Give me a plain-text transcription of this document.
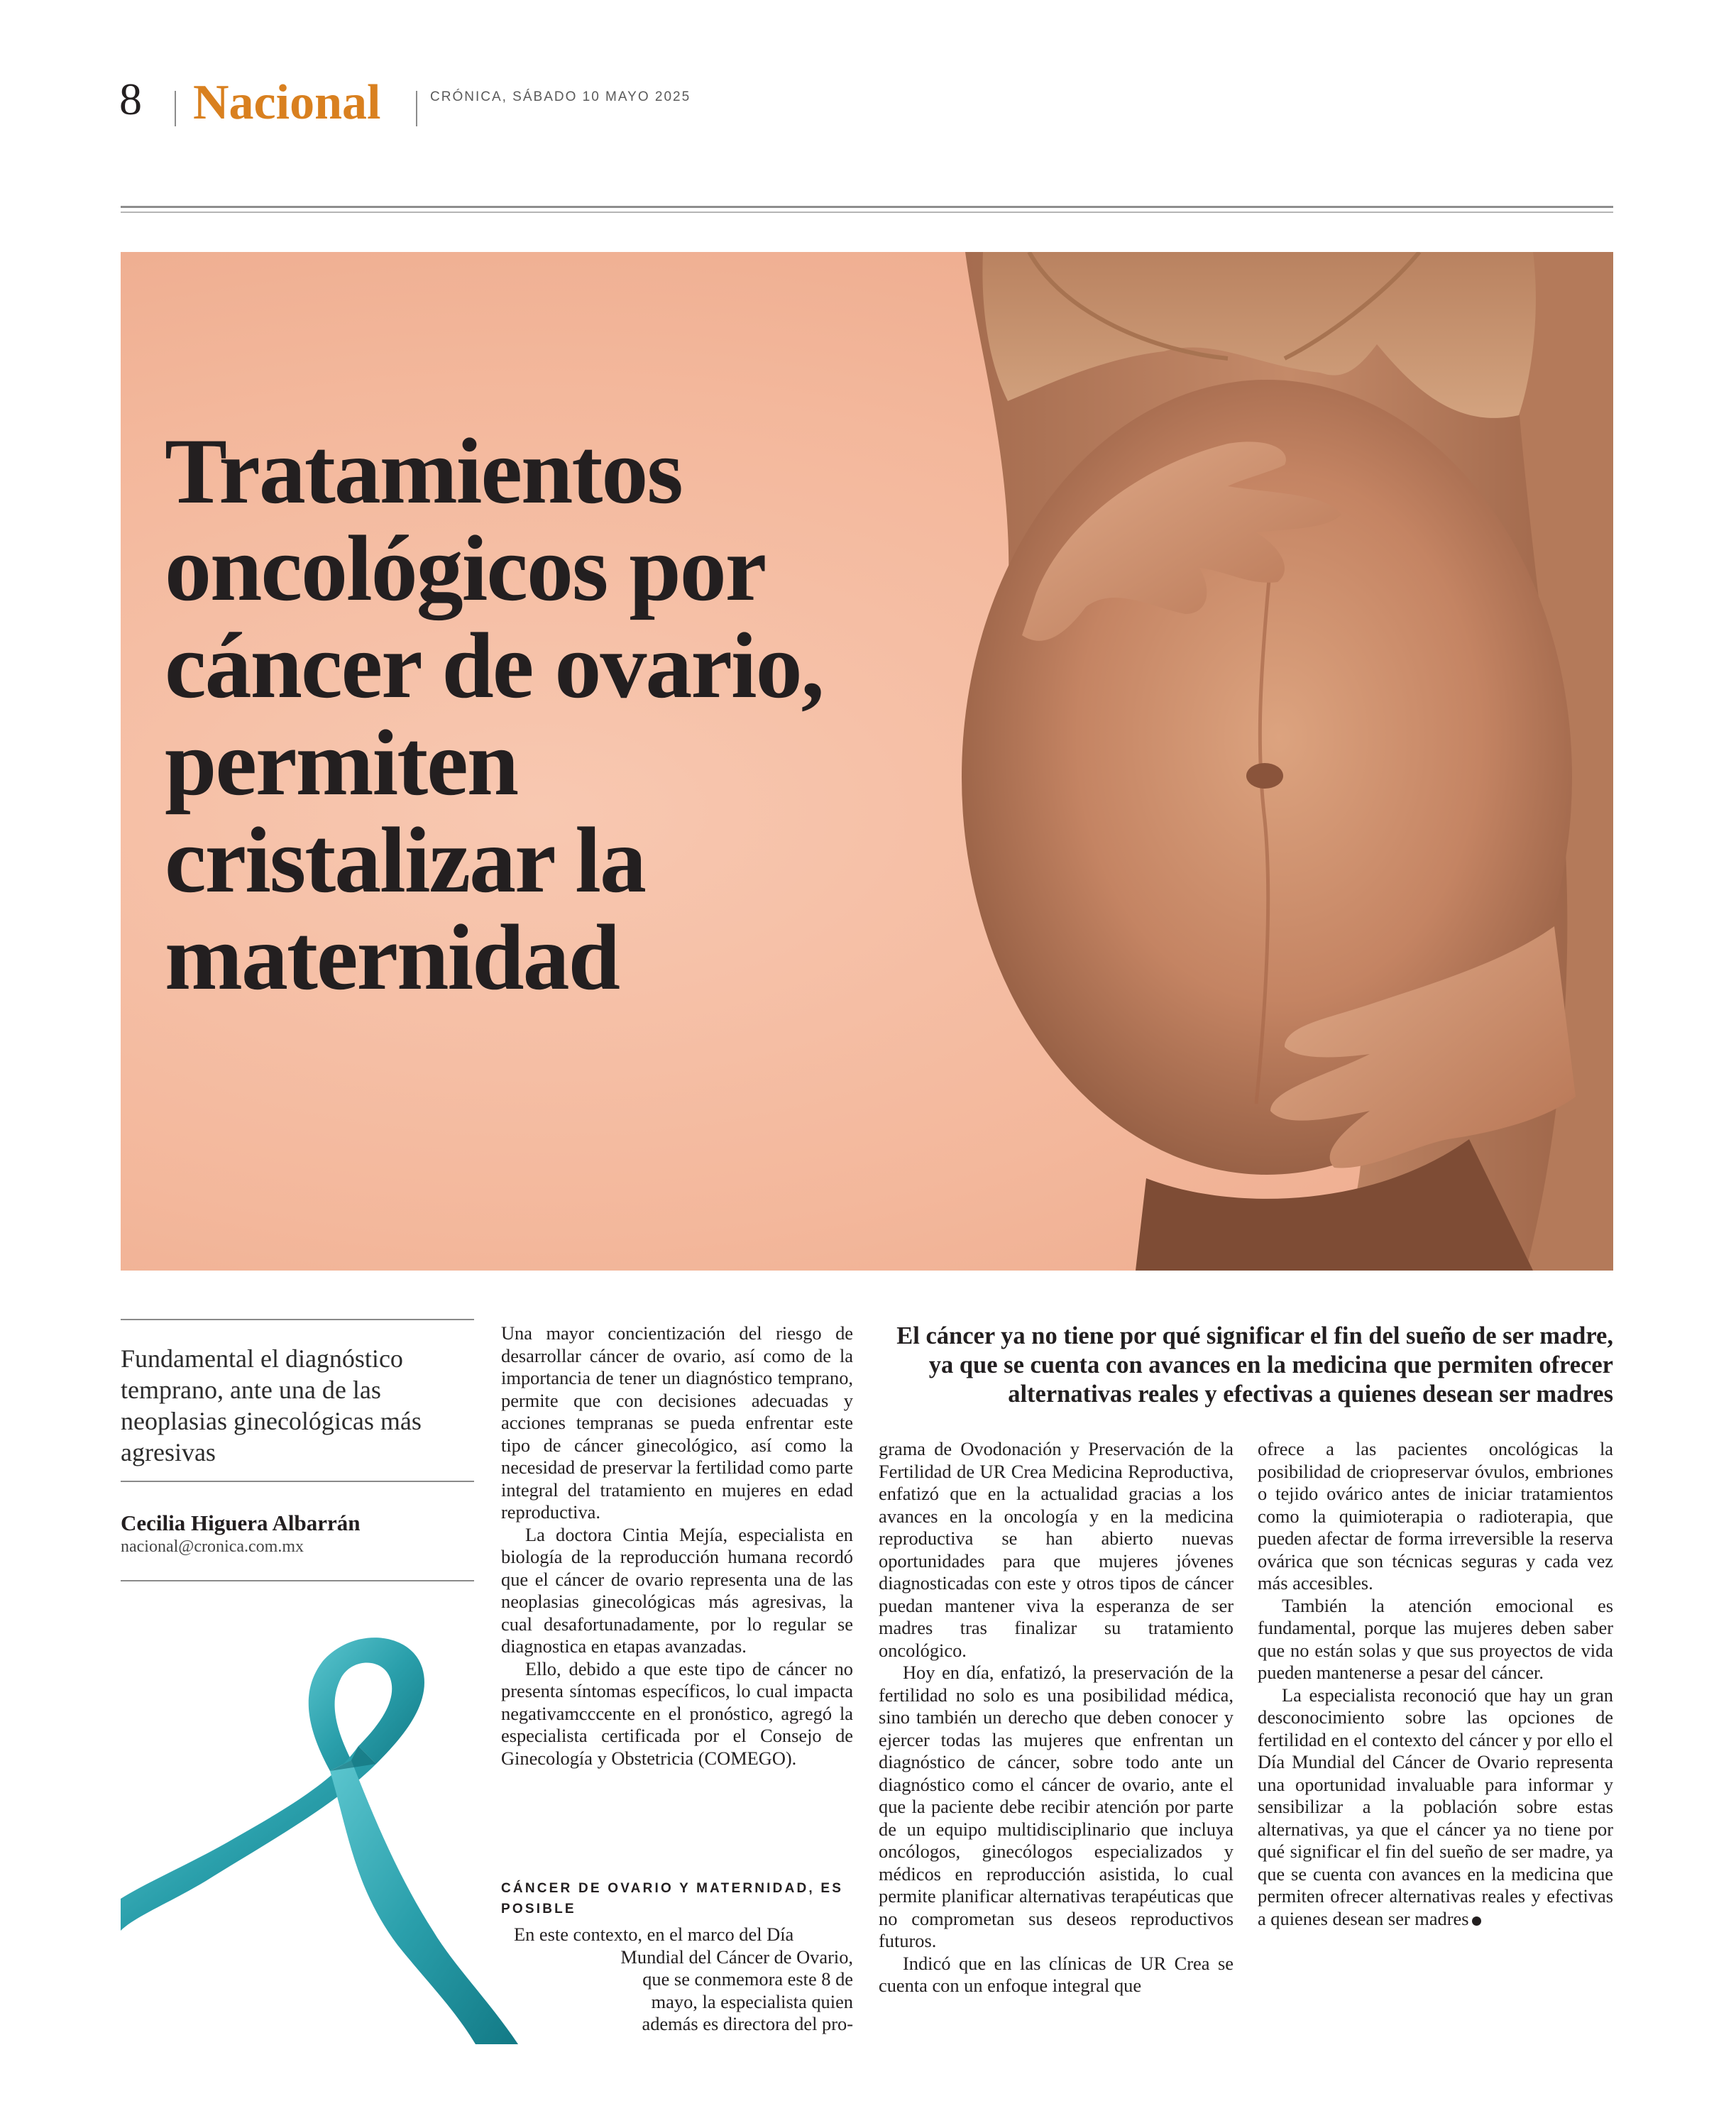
8 Nacional	CRÓNICA, SÁBADO 10 MAYO 2025
Tratamientos oncológicos por cáncer de ovario, permiten cristalizar la maternidad

Fundamental el diagnóstico temprano, ante una de las neoplasias ginecológicas más agresivas

Cecilia Higuera Albarrán
nacional@cronica.com.mx

El cáncer ya no tiene por qué significar el fin del sueño de ser madre, ya que se cuenta con avances en la medicina que permiten ofrecer alternativas reales y efectivas a quienes desean ser madres

Una mayor concientización del riesgo de desarrollar cáncer de ovario, así como de la importancia de tener un diagnóstico temprano, permite que con decisiones adecuadas y acciones tempranas se pueda enfrentar este tipo de cáncer ginecológico, así como la necesidad de preservar la fertilidad como parte integral del tratamiento en mujeres en edad reproductiva.

La doctora Cintia Mejía, especialista en biología de la reproducción humana recordó que el cáncer de ovario representa una de las neoplasias ginecológicas más agresivas, la cual desafortunadamente, por lo regular se diagnostica en etapas avanzadas.

Ello, debido a que este tipo de cáncer no presenta síntomas específicos, lo cual impacta negativamcccente en el pronóstico, agregó la especialista certificada por el Consejo de Ginecología y Obstetricia (COMEGO).

CÁNCER DE OVARIO Y MATERNIDAD, ES POSIBLE
En este contexto, en el marco del Día
Mundial del Cáncer de Ovario,
que se conmemora este 8 de
mayo, la especialista quien
además es directora del pro-

grama de Ovodonación y Preservación de la Fertilidad de UR Crea Medicina Reproductiva, enfatizó que en la actualidad gracias a los avances en la oncología y en la medicina reproductiva se han abierto nuevas oportunidades para que mujeres jóvenes diagnosticadas con este y otros tipos de cáncer puedan mantener viva la esperanza de ser madres tras finalizar su tratamiento oncológico.

Hoy en día, enfatizó, la preservación de la fertilidad no solo es una posibilidad médica, sino también un derecho que deben conocer y ejercer todas las mujeres que enfrentan un diagnóstico de cáncer, sobre todo ante un diagnóstico como el cáncer de ovario, ante el que la paciente debe recibir atención por parte de un equipo multidisciplinario que incluya oncólogos, ginecólogos especializados y médicos en reproducción asistida, lo cual permite planificar alternativas terapéuticas que no comprometan sus deseos reproductivos futuros.

Indicó que en las clínicas de UR Crea se cuenta con un enfoque integral que

ofrece a las pacientes oncológicas la posibilidad de criopreservar óvulos, embriones o tejido ovárico antes de iniciar tratamientos como la quimioterapia o radioterapia, que pueden afectar de forma irreversible la reserva ovárica que son técnicas seguras y cada vez más accesibles.

También la atención emocional es fundamental, porque las mujeres deben saber que no están solas y que sus proyectos de vida pueden mantenerse a pesar del cáncer.

La especialista reconoció que hay un gran desconocimiento sobre las opciones de fertilidad en el contexto del cáncer y por ello el Día Mundial del Cáncer de Ovario representa una oportunidad invaluable para informar y sensibilizar a la población sobre estas alternativas, ya que el cáncer ya no tiene por qué significar el fin del sueño de ser madre, ya que se cuenta con avances en la medicina que permiten ofrecer alternativas reales y efectivas a quienes desean ser madres
